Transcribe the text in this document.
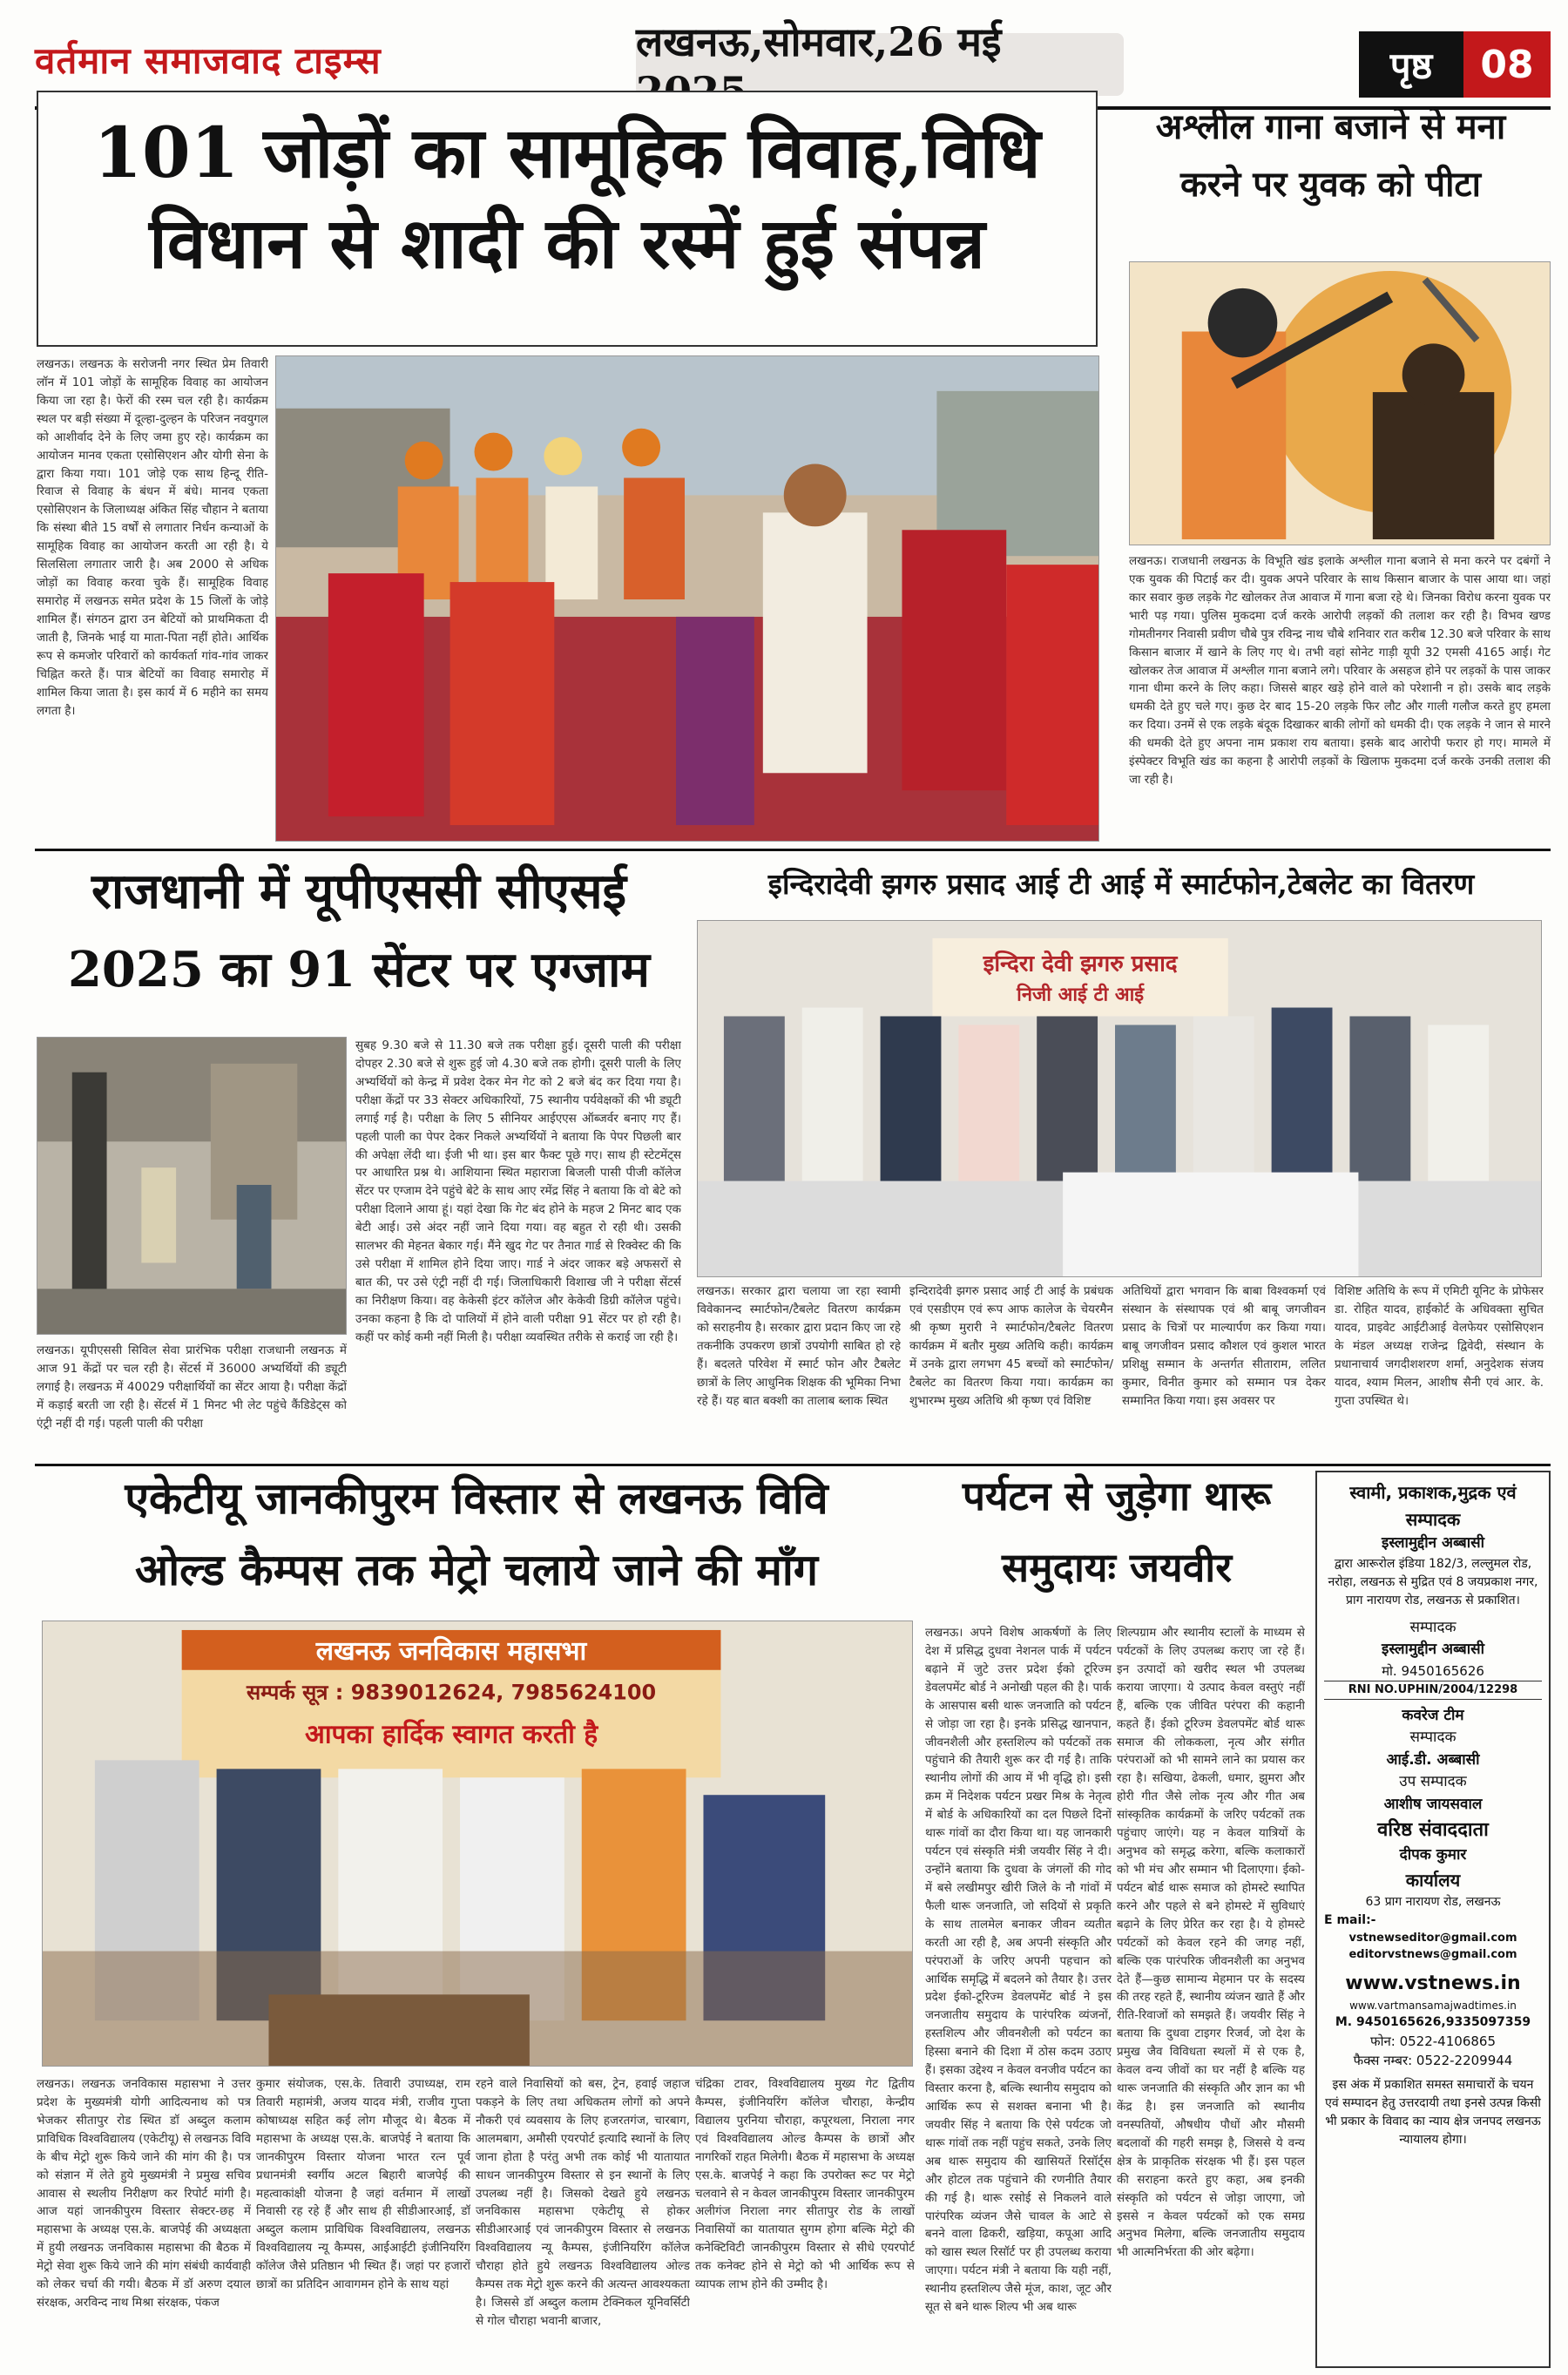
वर्तमान समाजवाद टाइम्स	लखनऊ,सोमवार,26 मई	पृष्ठ	08
101 जोड़ों का सामूहिक विवाह,विधि
विधान से शादी की रस्में हुई संपन्न
लखनऊ। लखनऊ के सरोजनी नगर स्थित प्रेम तिवारी लॉन में 101 जोड़ों के सामूहिक विवाह का आयोजन किया जा रहा है। फेरों की रस्म चल रही है। कार्यक्रम स्थल पर बड़ी संख्या में दूल्हा-दुल्हन के परिजन नवयुगल को आशीर्वाद देने के लिए जमा हुए रहे। कार्यक्रम का आयोजन मानव एकता एसोसिएशन और योगी सेना के द्वारा किया गया। 101 जोड़े एक साथ हिन्दू रीति-रिवाज से विवाह के बंधन में बंधे। मानव एकता एसोसिएशन के जिलाध्यक्ष अंकित सिंह चौहान ने बताया कि संस्था बीते 15 वर्षों से लगातार निर्धन कन्याओं के सामूहिक विवाह का आयोजन करती आ रही है। ये सिलसिला लगातार जारी है। अब 2000 से अधिक जोड़ों का विवाह करवा चुके हैं। सामूहिक विवाह समारोह में लखनऊ समेत प्रदेश के 15 जिलों के जोड़े शामिल हैं। संगठन द्वारा उन बेटियों को प्राथमिकता दी जाती है, जिनके भाई या माता-पिता नहीं होते। आर्थिक रूप से कमजोर परिवारों को कार्यकर्ता गांव-गांव जाकर चिह्नित करते हैं। पात्र बेटियों का विवाह समारोह में शामिल किया जाता है। इस कार्य में 6 महीने का समय लगता है।
अश्लील गाना बजाने से मना
करने पर युवक को पीटा
लखनऊ। राजधानी लखनऊ के विभूति खंड इलाके अश्लील गाना बजाने से मना करने पर दबंगों ने एक युवक की पिटाई कर दी। युवक अपने परिवार के साथ किसान बाजार के पास आया था। जहां कार सवार कुछ लड़के गेट खोलकर तेज आवाज में गाना बजा रहे थे। जिनका विरोध करना युवक पर भारी पड़ गया। पुलिस मुकदमा दर्ज करके आरोपी लड़कों की तलाश कर रही है। विभव खण्ड गोमतीनगर निवासी प्रवीण चौबे पुत्र रविन्द्र नाथ चौबे शनिवार रात करीब 12.30 बजे परिवार के साथ किसान बाजार में खाने के लिए गए थे। तभी वहां सोनेट गाड़ी यूपी 32 एमसी 4165 आई। गेट खोलकर तेज आवाज में अश्लील गाना बजाने लगे। परिवार के असहज होने पर लड़कों के पास जाकर गाना धीमा करने के लिए कहा। जिससे बाहर खड़े होने वाले को परेशानी न हो। उसके बाद लड़के धमकी देते हुए चले गए। कुछ देर बाद 15-20 लड़के फिर लौट और गाली गलौज करते हुए हमला कर दिया। उनमें से एक लड़के बंदूक दिखाकर बाकी लोगों को धमकी दी। एक लड़के ने जान से मारने की धमकी देते हुए अपना नाम प्रकाश राय बताया। इसके बाद आरोपी फरार हो गए। मामले में इंस्पेक्टर विभूति खंड का कहना है आरोपी लड़कों के खिलाफ मुकदमा दर्ज करके उनकी तलाश की जा रही है।
राजधानी में यूपीएससी सीएसई
2025 का 91 सेंटर पर एग्जाम
लखनऊ। यूपीएससी सिविल सेवा प्रारंभिक परीक्षा राजधानी लखनऊ में आज 91 केंद्रों पर चल रही है। सेंटर्स में 36000 अभ्यर्थियों की ड्यूटी लगाई है। लखनऊ में 40029 परीक्षार्थियों का सेंटर आया है। परीक्षा केंद्रों में कड़ाई बरती जा रही है। सेंटर्स में 1 मिनट भी लेट पहुंचे कैंडिडेट्स को एंट्री नहीं दी गई। पहली पाली की परीक्षा
सुबह 9.30 बजे से 11.30 बजे तक परीक्षा हुई। दूसरी पाली की परीक्षा दोपहर 2.30 बजे से शुरू हुई जो 4.30 बजे तक होगी। दूसरी पाली के लिए अभ्यर्थियों को केन्द्र में प्रवेश देकर मेन गेट को 2 बजे बंद कर दिया गया है। परीक्षा केंद्रों पर 33 सेक्टर अधिकारियों, 75 स्थानीय पर्यवेक्षकों की भी ड्यूटी लगाई गई है। परीक्षा के लिए 5 सीनियर आईएएस ऑब्जर्वर बनाए गए हैं। पहली पाली का पेपर देकर निकले अभ्यर्थियों ने बताया कि पेपर पिछली बार की अपेक्षा लेंदी था। ईजी भी था। इस बार फैक्ट पूछे गए। साथ ही स्टेटमेंट्स पर आधारित प्रश्न थे। आशियाना स्थित महाराजा बिजली पासी पीजी कॉलेज सेंटर पर एग्जाम देने पहुंचे बेटे के साथ आए रमेंद्र सिंह ने बताया कि वो बेटे को परीक्षा दिलाने आया हूं। यहां देखा कि गेट बंद होने के महज 2 मिनट बाद एक बेटी आई। उसे अंदर नहीं जाने दिया गया। वह बहुत रो रही थी। उसकी सालभर की मेहनत बेकार गई। मैंने खुद गेट पर तैनात गार्ड से रिक्वेस्ट की कि उसे परीक्षा में शामिल होने दिया जाए। गार्ड ने अंदर जाकर बड़े अफसरों से बात की, पर उसे एंट्री नहीं दी गई। जिलाधिकारी विशाख जी ने परीक्षा सेंटर्स का निरीक्षण किया। वह केकेसी इंटर कॉलेज और केकेवी डिग्री कॉलेज पहुंचे। उनका कहना है कि दो पालियों में होने वाली परीक्षा 91 सेंटर पर हो रही है। कहीं पर कोई कमी नहीं मिली है। परीक्षा व्यवस्थित तरीके से कराई जा रही है।
इन्दिरादेवी झगरु प्रसाद आई टी आई में स्मार्टफोन,टेबलेट का वितरण
इन्दिरा देवी झगरु प्रसाद
निजी आई टी आई
लखनऊ। सरकार द्वारा चलाया जा रहा स्वामी विवेकानन्द स्मार्टफोन/टैबलेट वितरण कार्यक्रम को सराहनीय है। सरकार द्वारा प्रदान किए जा रहे तकनीकि उपकरण छात्रों उपयोगी साबित हो रहे हैं। बदलते परिवेश में स्मार्ट फोन और टैबलेट छात्रों के लिए आधुनिक शिक्षक की भूमिका निभा रहे हैं। यह बात बक्शी का तालाब ब्लाक स्थित
इन्दिरादेवी झगरु प्रसाद आई टी आई के प्रबंधक एवं एसडीएम एवं रूप आफ कालेज के चेयरमैन श्री कृष्ण मुरारी ने स्मार्टफोन/टैबलेट वितरण कार्यक्रम में बतौर मुख्य अतिथि कही। कार्यक्रम में उनके द्वारा लगभग 45 बच्चों को स्मार्टफोन/टैबलेट का वितरण किया गया। कार्यक्रम का शुभारम्भ मुख्य अतिथि श्री कृष्ण एवं विशिष्ट
अतिथियों द्वारा भगवान कि बाबा विश्वकर्मा एवं संस्थान के संस्थापक एवं श्री बाबू जगजीवन प्रसाद के चित्रों पर माल्यार्पण कर किया गया। बाबू जगजीवन प्रसाद कौशल एवं कुशल भारत प्रशिक्षु सम्मान के अन्तर्गत सीताराम, ललित कुमार, विनीत कुमार को सम्मान पत्र देकर सम्मानित किया गया। इस अवसर पर
विशिष्ट अतिथि के रूप में एमिटी यूनिट के प्रोफेसर डा. रोहित यादव, हाईकोर्ट के अधिवक्ता सुचित यादव, प्राइवेट आईटीआई वेलफेयर एसोसिएशन के मंडल अध्यक्ष राजेन्द्र द्विवेदी, संस्थान के प्रधानाचार्य जगदीशशरण शर्मा, अनुदेशक संजय यादव, श्याम मिलन, आशीष सैनी एवं आर. के. गुप्ता उपस्थित थे।
एकेटीयू जानकीपुरम विस्तार से लखनऊ विवि
ओल्ड कैम्पस तक मेट्रो चलाये जाने की माँग
लखनऊ जनविकास महासभा
सम्पर्क सूत्र : 9839012624, 7985624100
आपका हार्दिक स्वागत करती है
लखनऊ। लखनऊ जनविकास महासभा ने उत्तर प्रदेश के मुख्यमंत्री योगी आदित्यनाथ को पत्र भेजकर सीतापुर रोड स्थित डॉ अब्दुल कलाम प्राविधिक विश्वविद्यालय (एकेटीयू) से लखनऊ विवि के बीच मेट्रो शुरू किये जाने की मांग की है। पत्र को संज्ञान में लेते हुये मुख्यमंत्री ने प्रमुख सचिव आवास से स्थलीय निरीक्षण कर रिपोर्ट मांगी है। आज यहां जानकीपुरम विस्तार सेक्टर-छह में महासभा के अध्यक्ष एस.के. बाजपेई की अध्यक्षता में हुयी लखनऊ जनविकास महासभा की बैठक में मेट्रो सेवा शुरू किये जाने की मांग संबंधी कार्यवाही को लेकर चर्चा की गयी। बैठक में डॉ अरुण दयाल संरक्षक, अरविन्द नाथ मिश्रा संरक्षक, पंकज
कुमार संयोजक, एस.के. तिवारी उपाध्यक्ष, राम तिवारी महामंत्री, अजय यादव मंत्री, राजीव गुप्ता कोषाध्यक्ष सहित कई लोग मौजूद थे। बैठक में महासभा के अध्यक्ष एस.के. बाजपेई ने बताया कि जानकीपुरम विस्तार योजना भारत रत्न पूर्व प्रधानमंत्री स्वर्गीय अटल बिहारी बाजपेई की महत्वाकांक्षी योजना है जहां वर्तमान में लाखों निवासी रह रहे हैं और साथ ही सीडीआरआई, डॉ अब्दुल कलाम प्राविधिक विश्वविद्यालय, लखनऊ विश्वविद्यालय न्यू कैम्पस, आईआईटी इंजीनियरिंग कॉलेज जैसे प्रतिष्ठान भी स्थित हैं। जहां पर हजारों छात्रों का प्रतिदिन आवागमन होने के साथ यहां
रहने वाले निवासियों को बस, ट्रेन, हवाई जहाज पकड़ने के लिए तथा अधिकतम लोगों को अपने नौकरी एवं व्यवसाय के लिए हजरतगंज, चारबाग, आलमबाग, अमौसी एयरपोर्ट इत्यादि स्थानों के लिए जाना होता है परंतु अभी तक कोई भी यातायात साधन जानकीपुरम विस्तार से इन स्थानों के लिए उपलब्ध नहीं है। जिसको देखते हुये लखनऊ जनविकास महासभा एकेटीयू से होकर सीडीआरआई एवं जानकीपुरम विस्तार से लखनऊ विश्वविद्यालय न्यू कैम्पस, इंजीनियरिंग कॉलेज चौराहा होते हुये लखनऊ विश्वविद्यालय ओल्ड कैम्पस तक मेट्रो शुरू करने की अत्यन्त आवश्यकता है। जिससे डॉ अब्दुल कलाम टेक्निकल यूनिवर्सिटी से गोल चौराहा भवानी बाजार,
चंद्रिका टावर, विश्वविद्यालय मुख्य गेट द्वितीय कैम्पस, इंजीनियरिंग कॉलेज चौराहा, केन्द्रीय विद्यालय पुरनिया चौराहा, कपूरथला, निराला नगर एवं विश्वविद्यालय ओल्ड कैम्पस के छात्रों और नागरिकों राहत मिलेगी। बैठक में महासभा के अध्यक्ष एस.के. बाजपेई ने कहा कि उपरोक्त रूट पर मेट्रो चलवाने से न केवल जानकीपुरम विस्तार जानकीपुरम अलीगंज निराला नगर सीतापुर रोड के लाखों निवासियों का यातायात सुगम होगा बल्कि मेट्रो की कनेक्टिविटी जानकीपुरम विस्तार से सीधे एयरपोर्ट तक कनेक्ट होने से मेट्रो को भी आर्थिक रूप से व्यापक लाभ होने की उम्मीद है।
पर्यटन से जुड़ेगा थारू
समुदायः जयवीर
लखनऊ। अपने विशेष आकर्षणों के लिए देश में प्रसिद्ध दुधवा नेशनल पार्क में पर्यटन बढ़ाने में जुटे उत्तर प्रदेश ईको टूरिज्म डेवलपमेंट बोर्ड ने अनोखी पहल की है। पार्क के आसपास बसी थारू जनजाति को पर्यटन से जोड़ा जा रहा है। इनके प्रसिद्ध खानपान, जीवनशैली और हस्तशिल्प को पर्यटकों तक पहुंचाने की तैयारी शुरू कर दी गई है। ताकि स्थानीय लोगों की आय में भी वृद्धि हो। इसी क्रम में निदेशक पर्यटन प्रखर मिश्र के नेतृत्व में बोर्ड के अधिकारियों का दल पिछले दिनों थारू गांवों का दौरा किया था। यह जानकारी पर्यटन एवं संस्कृति मंत्री जयवीर सिंह ने दी। उन्होंने बताया कि दुधवा के जंगलों की गोद में बसे लखीमपुर खीरी जिले के नौ गांवों में फैली थारू जनजाति, जो सदियों से प्रकृति के साथ तालमेल बनाकर जीवन व्यतीत करती आ रही है, अब अपनी संस्कृति और परंपराओं के जरिए अपनी पहचान को आर्थिक समृद्धि में बदलने को तैयार है। उत्तर प्रदेश ईको-टूरिज्म डेवलपमेंट बोर्ड ने इस जनजातीय समुदाय के पारंपरिक व्यंजनों, हस्तशिल्प और जीवनशैली को पर्यटन का हिस्सा बनाने की दिशा में ठोस कदम उठाए हैं। इसका उद्देश्य न केवल वनजीव पर्यटन का विस्तार करना है, बल्कि स्थानीय समुदाय को आर्थिक रूप से सशक्त बनाना भी है। जयवीर सिंह ने बताया कि ऐसे पर्यटक जो थारू गांवों तक नहीं पहुंच सकते, उनके लिए अब थारू समुदाय की खासियतें रिसॉर्ट्स और होटल तक पहुंचाने की रणनीति तैयार की गई है। थारू रसोई से निकलने वाले पारंपरिक व्यंजन जैसे चावल के आटे से बनने वाला ढिकरी, खड़िया, कपूआ आदि को खास स्थल रिसॉर्ट पर ही उपलब्ध कराया जाएगा। पर्यटन मंत्री ने बताया कि यही नहीं, स्थानीय हस्तशिल्प जैसे मूंज, काश, जूट और सूत से बने थारू शिल्प भी अब थारू
शिल्पग्राम और स्थानीय स्टालों के माध्यम से पर्यटकों के लिए उपलब्ध कराए जा रहे हैं। इन उत्पादों को खरीद स्थल भी उपलब्ध कराया जाएगा। ये उत्पाद केवल वस्तुएं नहीं हैं, बल्कि एक जीवित परंपरा की कहानी कहते हैं। ईको टूरिज्म डेवलपमेंट बोर्ड थारू समाज की लोककला, नृत्य और संगीत परंपराओं को भी सामने लाने का प्रयास कर रहा है। सखिया, ढेकली, धमार, झुमरा और होरी गीत जैसे लोक नृत्य और गीत अब सांस्कृतिक कार्यक्रमों के जरिए पर्यटकों तक पहुंचाए जाएंगे। यह न केवल यात्रियों के अनुभव को समृद्ध करेगा, बल्कि कलाकारों को भी मंच और सम्मान भी दिलाएगा। ईको-पर्यटन बोर्ड थारू समाज को होमस्टे स्थापित करने और पहले से बने होमस्टे में सुविधाएं बढ़ाने के लिए प्रेरित कर रहा है। ये होमस्टे पर्यटकों को केवल रहने की जगह नहीं, बल्कि एक पारंपरिक जीवनशैली का अनुभव देते हैं—कुछ सामान्य मेहमान पर के सदस्य की तरह रहते हैं, स्थानीय व्यंजन खाते हैं और रीति-रिवाजों को समझते हैं। जयवीर सिंह ने बताया कि दुधवा टाइगर रिजर्व, जो देश के प्रमुख जैव विविधता स्थलों में से एक है, केवल वन्य जीवों का घर नहीं है बल्कि यह थारू जनजाति की संस्कृति और ज्ञान का भी केंद्र है। इस जनजाति को स्थानीय वनस्पतियों, औषधीय पौधों और मौसमी बदलावों की गहरी समझ है, जिससे ये वन्य क्षेत्र के प्राकृतिक संरक्षक भी हैं। इस पहल की सराहना करते हुए कहा, अब इनकी संस्कृति को पर्यटन से जोड़ा जाएगा, जो इससे न केवल पर्यटकों को एक समग्र अनुभव मिलेगा, बल्कि जनजातीय समुदाय भी आत्मनिर्भरता की ओर बढ़ेगा।
स्वामी, प्रकाशक,मुद्रक एवं सम्पादक
इस्लामुद्दीन अब्बासी
द्वारा आरूरोल इंडिया 182/3, लल्लुमल रोड, नरोहा, लखनऊ से मुद्रित एवं 8 जयप्रकाश नगर, प्राग नारायण रोड, लखनऊ से प्रकाशित।
सम्पादक
इस्लामुद्दीन अब्बासी
मो. 9450165626
RNI NO.UPHIN/2004/12298
कवरेज टीम
सम्पादक
आई.डी. अब्बासी
उप सम्पादक
आशीष जायसवाल
वरिष्ठ संवाददाता
दीपक कुमार
कार्यालय
63 प्राग नारायण रोड, लखनऊ
E mail:-
vstnewseditor@gmail.com
editorvstnews@gmail.com
www.vstnews.in
www.vartmansamajwadtimes.in
M. 9450165626,9335097359
फोन: 0522-4106865
फैक्स नम्बर: 0522-2209944
इस अंक में प्रकाशित समस्त समाचारों के चयन एवं सम्पादन हेतु उत्तरदायी तथा इनसे उत्पन्न किसी भी प्रकार के विवाद का न्याय क्षेत्र जनपद लखनऊ न्यायालय होगा।
